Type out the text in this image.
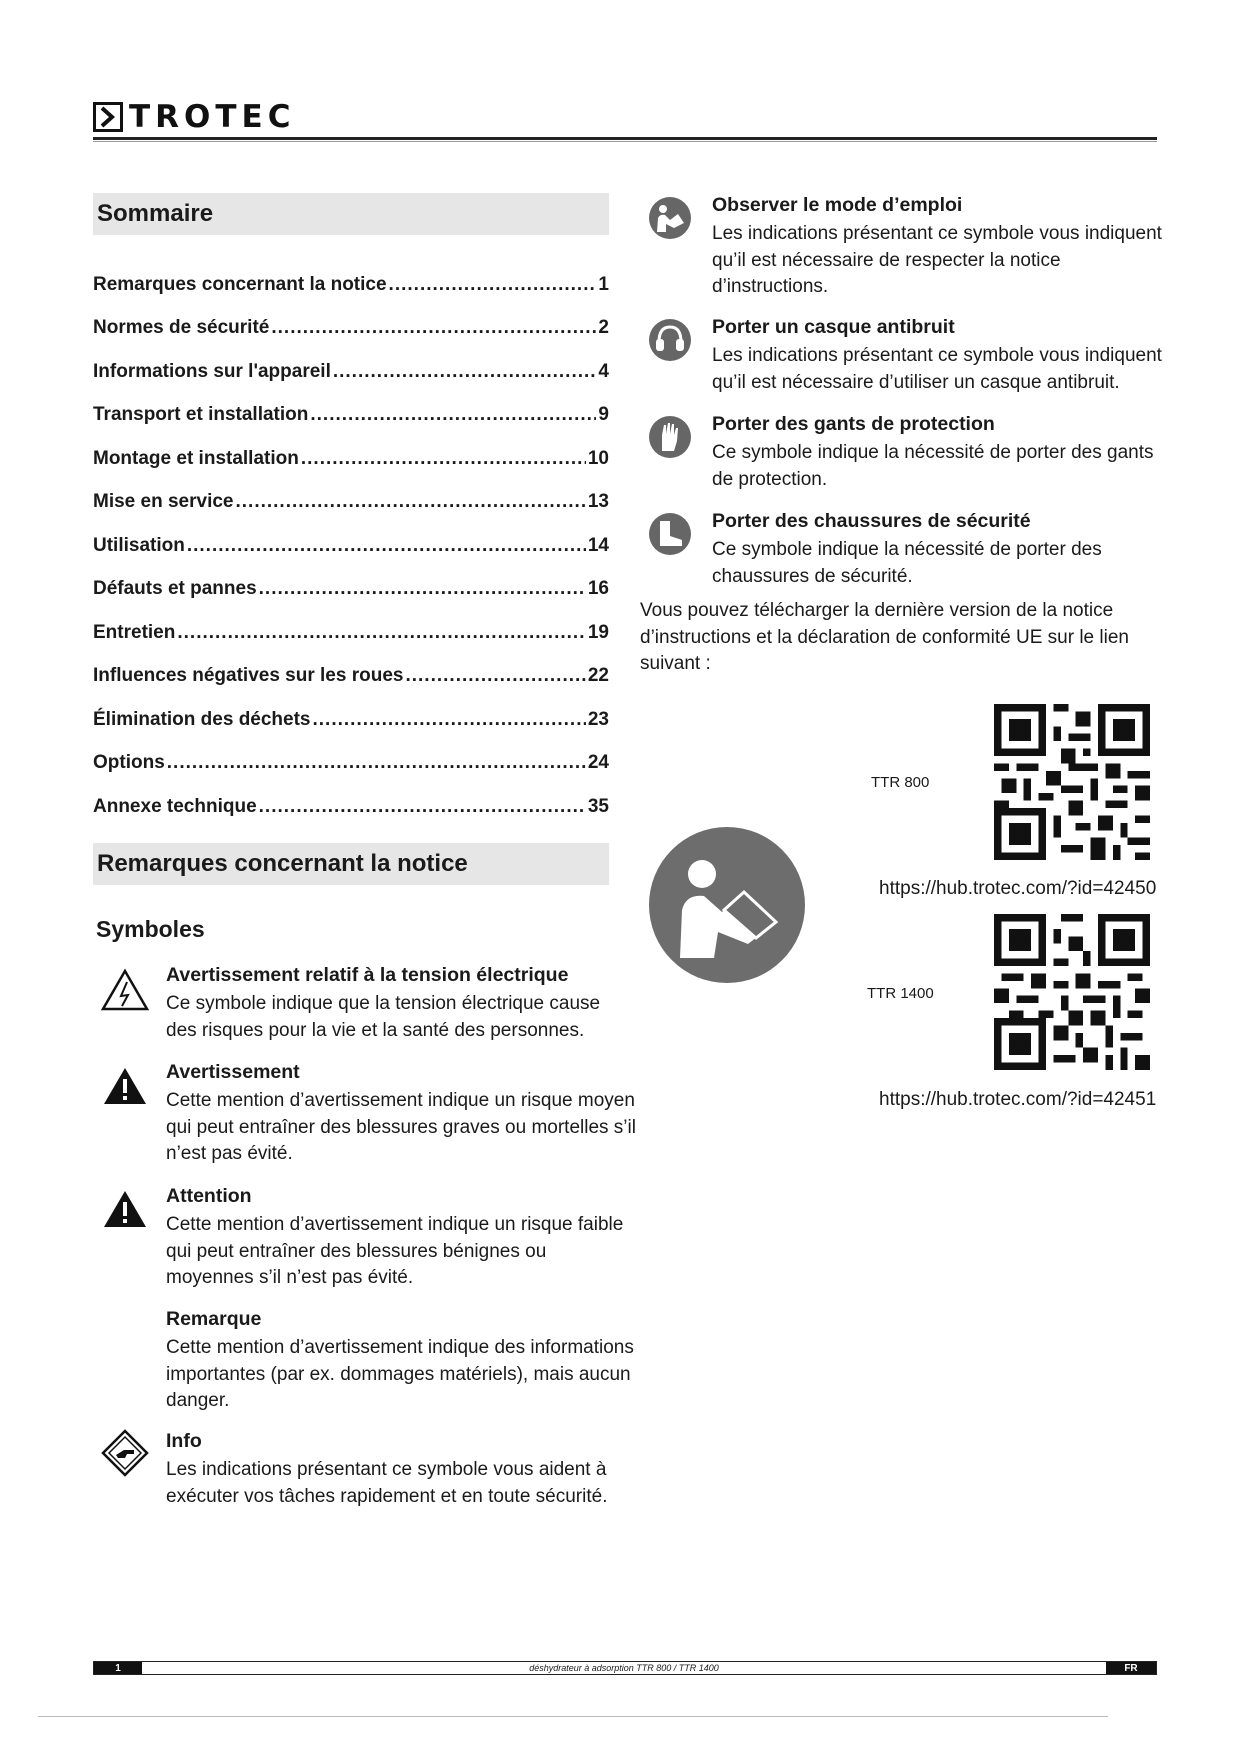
TROTEC
Sommaire
Remarques concernant la notice .....	1
Normes de sécurité .....	2
Informations sur l'appareil .....	4
Transport et installation .....	9
Montage et installation .....	10
Mise en service .....	13
Utilisation .....	14
Défauts et pannes .....	16
Entretien .....	19
Influences négatives sur les roues .....	22
Élimination des déchets .....	23
Options .....	24
Annexe technique .....	35
Remarques concernant la notice
Symboles
Avertissement relatif à la tension électrique
Ce symbole indique que la tension électrique cause des risques pour la vie et la santé des personnes.
Avertissement
Cette mention d’avertissement indique un risque moyen qui peut entraîner des blessures graves ou mortelles s’il n’est pas évité.
Attention
Cette mention d’avertissement indique un risque faible qui peut entraîner des blessures bénignes ou moyennes s’il n’est pas évité.
Remarque
Cette mention d’avertissement indique des informations importantes (par ex. dommages matériels), mais aucun danger.
Info
Les indications présentant ce symbole vous aident à exécuter vos tâches rapidement et en toute sécurité.
Observer le mode d’emploi
Les indications présentant ce symbole vous indiquent qu’il est nécessaire de respecter la notice d’instructions.
Porter un casque antibruit
Les indications présentant ce symbole vous indiquent qu’il est nécessaire d’utiliser un casque antibruit.
Porter des gants de protection
Ce symbole indique la nécessité de porter des gants de protection.
Porter des chaussures de sécurité
Ce symbole indique la nécessité de porter des chaussures de sécurité.
Vous pouvez télécharger la dernière version de la notice d’instructions et la déclaration de conformité UE sur le lien suivant :
TTR 800
https://hub.trotec.com/?id=42450
TTR 1400
https://hub.trotec.com/?id=42451
1	déshydrateur à adsorption TTR 800 / TTR 1400	FR
